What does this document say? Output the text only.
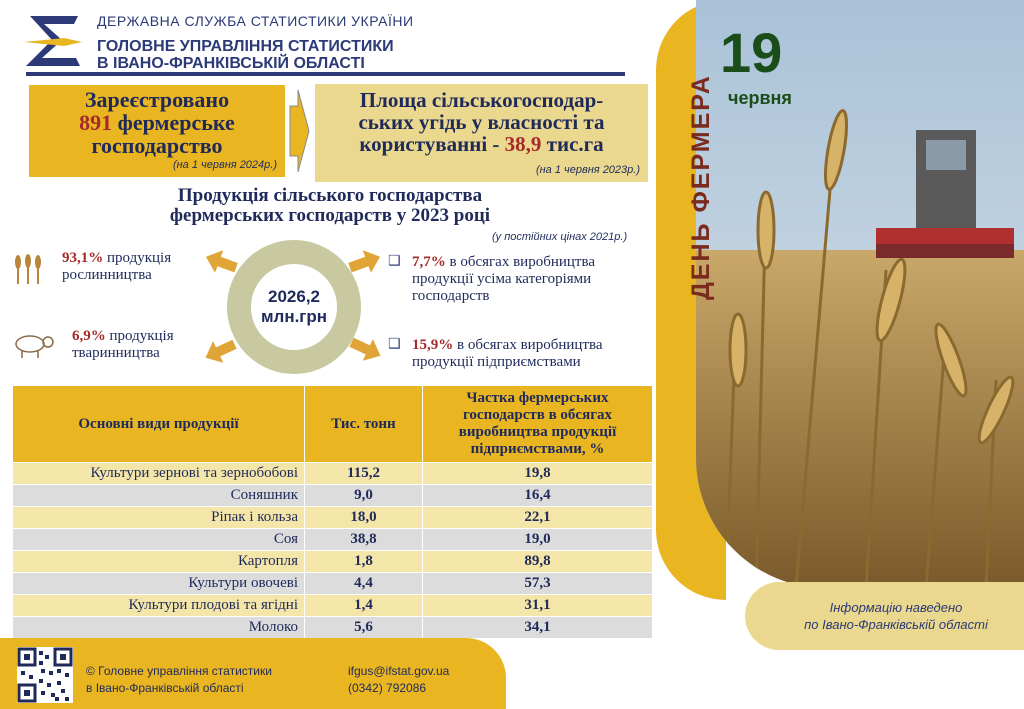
ДЕРЖАВНА СЛУЖБА СТАТИСТИКИ УКРАЇНИ
ГОЛОВНЕ УПРАВЛІННЯ СТАТИСТИКИ
В ІВАНО-ФРАНКІВСЬКІЙ ОБЛАСТІ
Зареєстровано
891 фермерське
господарство
(на 1 червня 2024р.)
Площа сільськогосподар-
ських угідь у власності та
користуванні - 38,9 тис.га
(на 1 червня 2023р.)
Продукція сільського господарства
фермерських господарств у 2023 році
(у постійних цінах 2021р.)
2026,2
млн.грн
93,1% продукція
рослинництва
6,9% продукція
тваринництва
❑ 7,7% в обсягах виробництва
продукції усіма категоріями
господарств
❑ 15,9% в обсягах виробництва
продукції підприємствами
Основні види продукції	Тис. тонн	Частка фермерських господарств в обсягах виробництва продукції підприємствами, %
Культури зернові та зернобобові	115,2	19,8
Соняшник	9,0	16,4
Ріпак і кольза	18,0	22,1
Соя	38,8	19,0
Картопля	1,8	89,8
Культури овочеві	4,4	57,3
Культури плодові та ягідні	1,4	31,1
Молоко	5,6	34,1
© Головне управління статистики
в Івано-Франківській області
ifgus@ifstat.gov.ua
(0342) 792086
19
червня
ДЕНЬ ФЕРМЕРА
Інформацію наведено
по Івано-Франківській області
